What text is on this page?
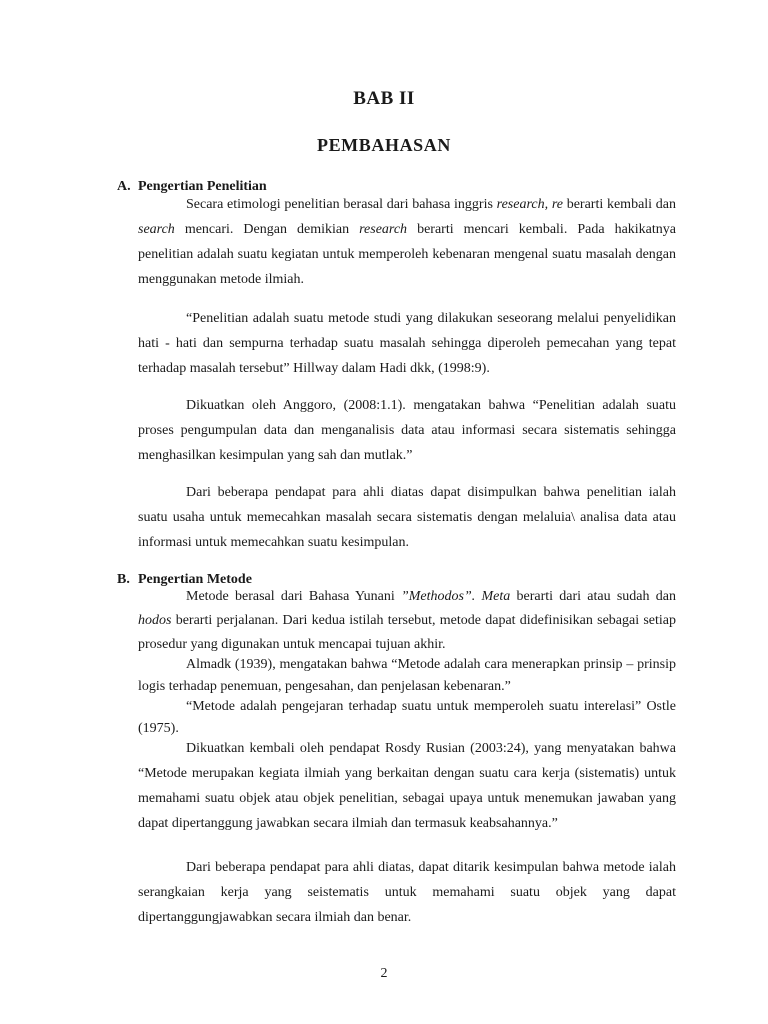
BAB II
PEMBAHASAN
A. Pengertian Penelitian

Secara etimologi penelitian berasal dari bahasa inggris research, re berarti kembali dan search mencari. Dengan demikian research berarti mencari kembali. Pada hakikatnya penelitian adalah suatu kegiatan untuk memperoleh kebenaran mengenal suatu masalah dengan menggunakan metode ilmiah.

“Penelitian adalah suatu metode studi yang dilakukan seseorang melalui penyelidikan hati - hati dan sempurna terhadap suatu masalah sehingga diperoleh pemecahan yang tepat terhadap masalah tersebut” Hillway dalam Hadi dkk, (1998:9).

Dikuatkan oleh Anggoro, (2008:1.1). mengatakan bahwa “Penelitian adalah suatu proses pengumpulan data dan menganalisis data atau informasi secara sistematis sehingga menghasilkan kesimpulan yang sah dan mutlak.”

Dari beberapa pendapat para ahli diatas dapat disimpulkan bahwa penelitian ialah suatu usaha untuk memecahkan masalah secara sistematis dengan melaluia\ analisa data atau informasi untuk memecahkan suatu kesimpulan.

B. Pengertian Metode

Metode berasal dari Bahasa Yunani ”Methodos”. Meta berarti dari atau sudah dan hodos berarti perjalanan. Dari kedua istilah tersebut, metode dapat didefinisikan sebagai setiap prosedur yang digunakan untuk mencapai tujuan akhir.

Almadk (1939), mengatakan bahwa “Metode adalah cara menerapkan prinsip – prinsip logis terhadap penemuan, pengesahan, dan penjelasan kebenaran.”

“Metode adalah pengejaran terhadap suatu untuk memperoleh suatu interelasi” Ostle (1975).

Dikuatkan kembali oleh pendapat Rosdy Rusian (2003:24), yang menyatakan bahwa “Metode merupakan kegiata ilmiah yang berkaitan dengan suatu cara kerja (sistematis) untuk memahami suatu objek atau objek penelitian, sebagai upaya untuk menemukan jawaban yang dapat dipertanggung jawabkan secara ilmiah dan termasuk keabsahannya.”

Dari beberapa pendapat para ahli diatas, dapat ditarik kesimpulan bahwa metode ialah serangkaian kerja yang seistematis untuk memahami suatu objek yang dapat dipertanggungjawabkan secara ilmiah dan benar.

2
